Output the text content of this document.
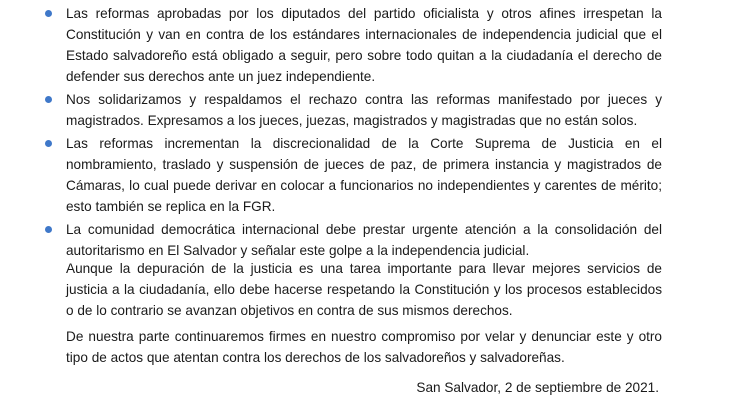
Las reformas aprobadas por los diputados del partido oficialista y otros afines irrespetan la Constitución y van en contra de los estándares internacionales de independencia judicial que el Estado salvadoreño está obligado a seguir, pero sobre todo quitan a la ciudadanía el derecho de defender sus derechos ante un juez independiente.
Nos solidarizamos y respaldamos el rechazo contra las reformas manifestado por jueces y magistrados. Expresamos a los jueces, juezas, magistrados y magistradas que no están solos.
Las reformas incrementan la discrecionalidad de la Corte Suprema de Justicia en el nombramiento, traslado y suspensión de jueces de paz, de primera instancia y magistrados de Cámaras, lo cual puede derivar en colocar a funcionarios no independientes y carentes de mérito; esto también se replica en la FGR.
La comunidad democrática internacional debe prestar urgente atención a la consolidación del autoritarismo en El Salvador y señalar este golpe a la independencia judicial.

Aunque la depuración de la justicia es una tarea importante para llevar mejores servicios de justicia a la ciudadanía, ello debe hacerse respetando la Constitución y los procesos establecidos o de lo contrario se avanzan objetivos en contra de sus mismos derechos.

De nuestra parte continuaremos firmes en nuestro compromiso por velar y denunciar este y otro tipo de actos que atentan contra los derechos de los salvadoreños y salvadoreñas.

San Salvador, 2 de septiembre de 2021.
